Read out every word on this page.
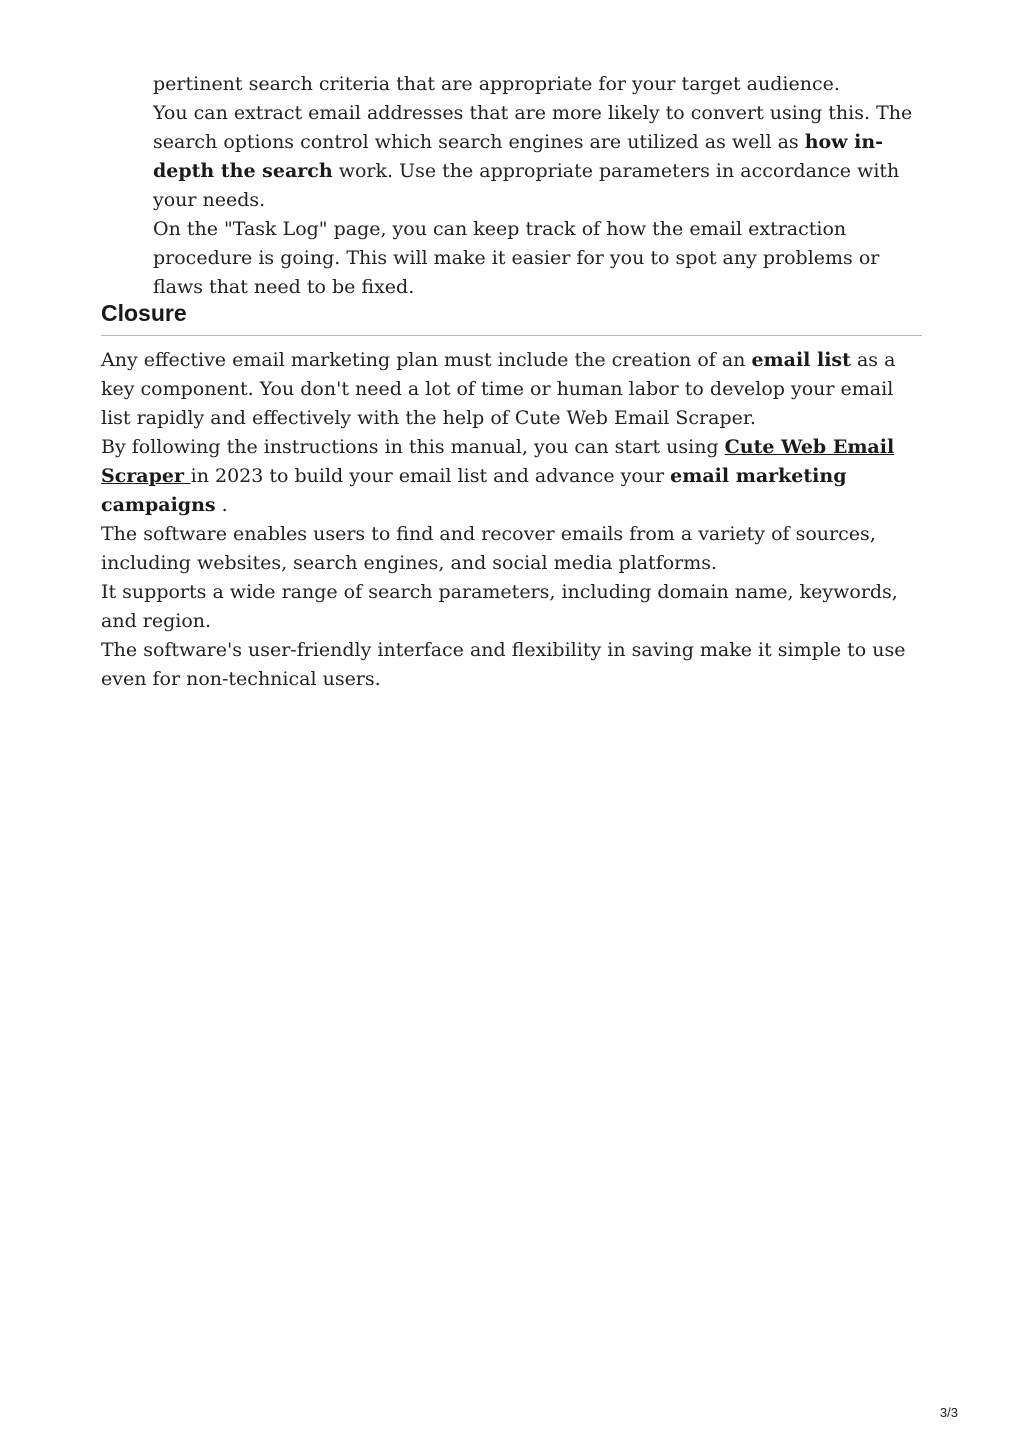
pertinent search criteria that are appropriate for your target audience.

You can extract email addresses that are more likely to convert using this. The search options control which search engines are utilized as well as how in-depth the search work. Use the appropriate parameters in accordance with your needs.

On the "Task Log" page, you can keep track of how the email extraction procedure is going. This will make it easier for you to spot any problems or flaws that need to be fixed.

Closure

Any effective email marketing plan must include the creation of an email list as a key component. You don't need a lot of time or human labor to develop your email list rapidly and effectively with the help of Cute Web Email Scraper.

By following the instructions in this manual, you can start using Cute Web Email Scraper in 2023 to build your email list and advance your email marketing campaigns .

The software enables users to find and recover emails from a variety of sources, including websites, search engines, and social media platforms.

It supports a wide range of search parameters, including domain name, keywords, and region.

The software's user-friendly interface and flexibility in saving make it simple to use even for non-technical users.

3/3
